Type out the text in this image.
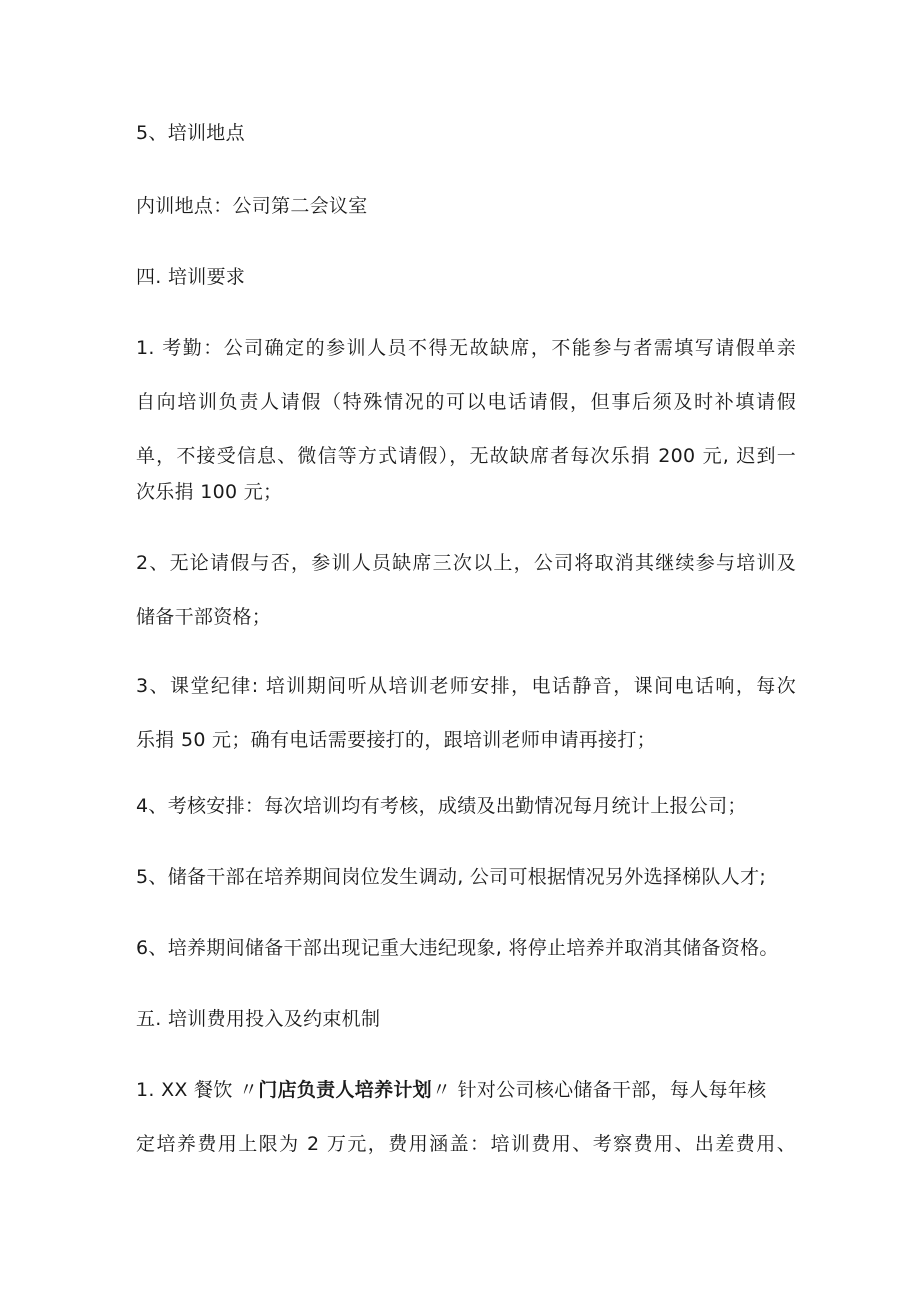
5、培训地点
内训地点：公司第二会议室
四. 培训要求
1. 考勤：公司确定的参训人员不得无故缺席，不能参与者需填写请假单亲
自向培训负责人请假（特殊情况的可以电话请假，但事后须及时补填请假
单，不接受信息、微信等方式请假），无故缺席者每次乐捐 200 元, 迟到一
次乐捐 100 元；
2、无论请假与否，参训人员缺席三次以上，公司将取消其继续参与培训及
储备干部资格；
3、课堂纪律: 培训期间听从培训老师安排，电话静音，课间电话响，每次
乐捐 50 元；确有电话需要接打的，跟培训老师申请再接打；
4、考核安排：每次培训均有考核，成绩及出勤情况每月统计上报公司；
5、储备干部在培养期间岗位发生调动, 公司可根据情况另外选择梯队人才;
6、培养期间储备干部出现记重大违纪现象, 将停止培养并取消其储备资格。
五. 培训费用投入及约束机制
1. XX 餐饮 〃门店负责人培养计划〃 针对公司核心储备干部，每人每年核
定培养费用上限为 2 万元，费用涵盖：培训费用、考察费用、出差费用、
